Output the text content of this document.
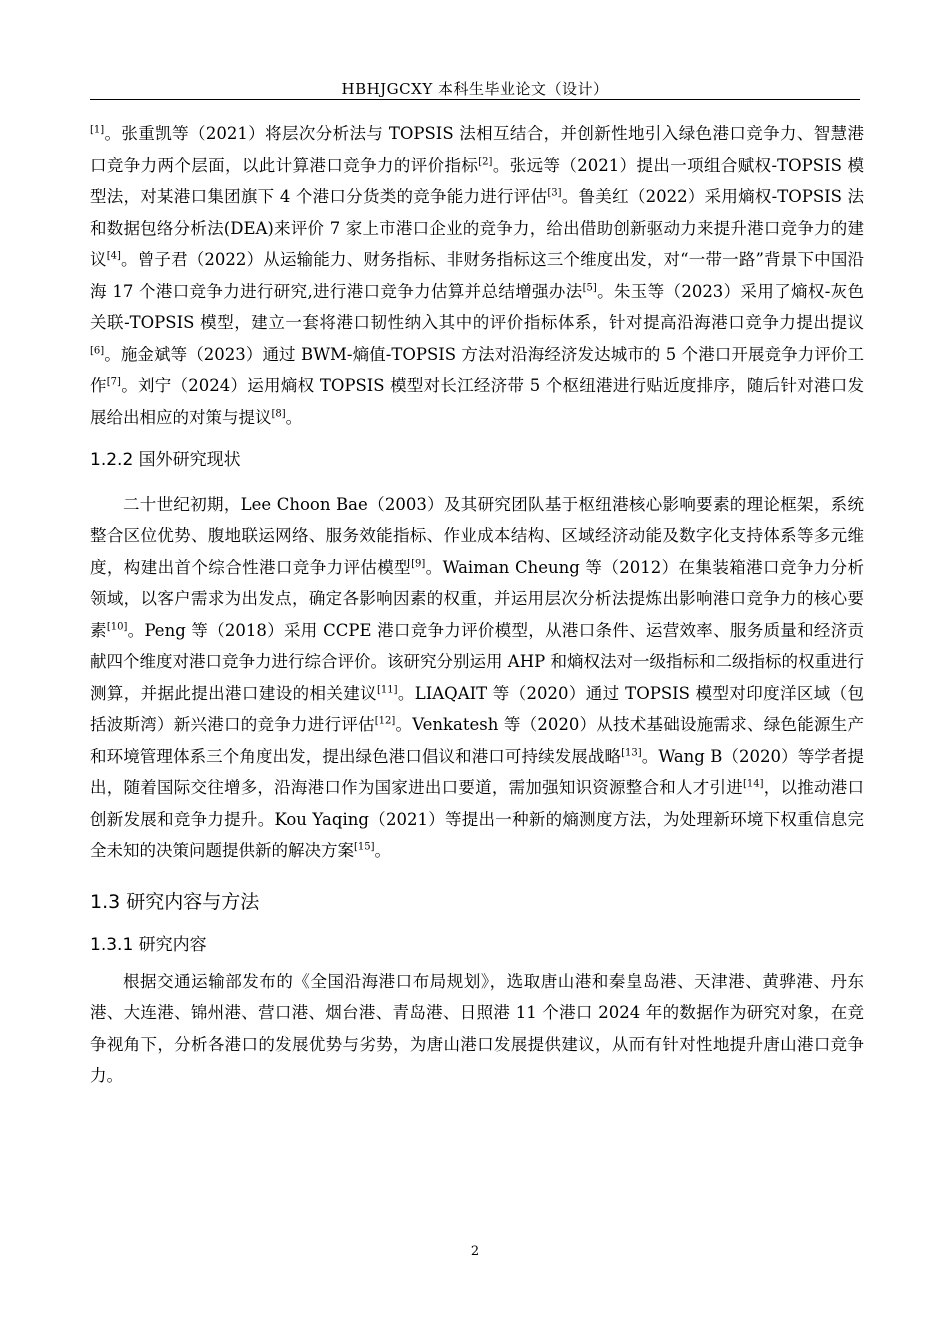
HBHJGCXY 本科生毕业论文（设计）

[1]。张重凯等（2021）将层次分析法与 TOPSIS 法相互结合，并创新性地引入绿色港口竞争力、智慧港口竞争力两个层面，以此计算港口竞争力的评价指标[2]。张远等（2021）提出一项组合赋权-TOPSIS 模型法，对某港口集团旗下 4 个港口分货类的竞争能力进行评估[3]。鲁美红（2022）采用熵权-TOPSIS 法和数据包络分析法(DEA)来评价 7 家上市港口企业的竞争力，给出借助创新驱动力来提升港口竞争力的建议[4]。曾子君（2022）从运输能力、财务指标、非财务指标这三个维度出发，对“一带一路”背景下中国沿海 17 个港口竞争力进行研究,进行港口竞争力估算并总结增强办法[5]。朱玉等（2023）采用了熵权-灰色关联-TOPSIS 模型，建立一套将港口韧性纳入其中的评价指标体系，针对提高沿海港口竞争力提出提议[6]。施金斌等（2023）通过 BWM-熵值-TOPSIS 方法对沿海经济发达城市的 5 个港口开展竞争力评价工作[7]。刘宁（2024）运用熵权 TOPSIS 模型对长江经济带 5 个枢纽港进行贴近度排序，随后针对港口发展给出相应的对策与提议[8]。

1.2.2 国外研究现状

二十世纪初期，Lee Choon Bae（2003）及其研究团队基于枢纽港核心影响要素的理论框架，系统整合区位优势、腹地联运网络、服务效能指标、作业成本结构、区域经济动能及数字化支持体系等多元维度，构建出首个综合性港口竞争力评估模型[9]。Waiman Cheung 等（2012）在集装箱港口竞争力分析领域，以客户需求为出发点，确定各影响因素的权重，并运用层次分析法提炼出影响港口竞争力的核心要素[10]。Peng 等（2018）采用 CCPE 港口竞争力评价模型，从港口条件、运营效率、服务质量和经济贡献四个维度对港口竞争力进行综合评价。该研究分别运用 AHP 和熵权法对一级指标和二级指标的权重进行测算，并据此提出港口建设的相关建议[11]。LIAQAIT 等（2020）通过 TOPSIS 模型对印度洋区域（包括波斯湾）新兴港口的竞争力进行评估[12]。Venkatesh 等（2020）从技术基础设施需求、绿色能源生产和环境管理体系三个角度出发，提出绿色港口倡议和港口可持续发展战略[13]。Wang B（2020）等学者提出，随着国际交往增多，沿海港口作为国家进出口要道，需加强知识资源整合和人才引进[14]，以推动港口创新发展和竞争力提升。Kou Yaqing（2021）等提出一种新的熵测度方法，为处理新环境下权重信息完全未知的决策问题提供新的解决方案[15]。

1.3 研究内容与方法
1.3.1 研究内容

根据交通运输部发布的《全国沿海港口布局规划》，选取唐山港和秦皇岛港、天津港、黄骅港、丹东港、大连港、锦州港、营口港、烟台港、青岛港、日照港 11 个港口 2024 年的数据作为研究对象，在竞争视角下，分析各港口的发展优势与劣势，为唐山港口发展提供建议，从而有针对性地提升唐山港口竞争力。

2
